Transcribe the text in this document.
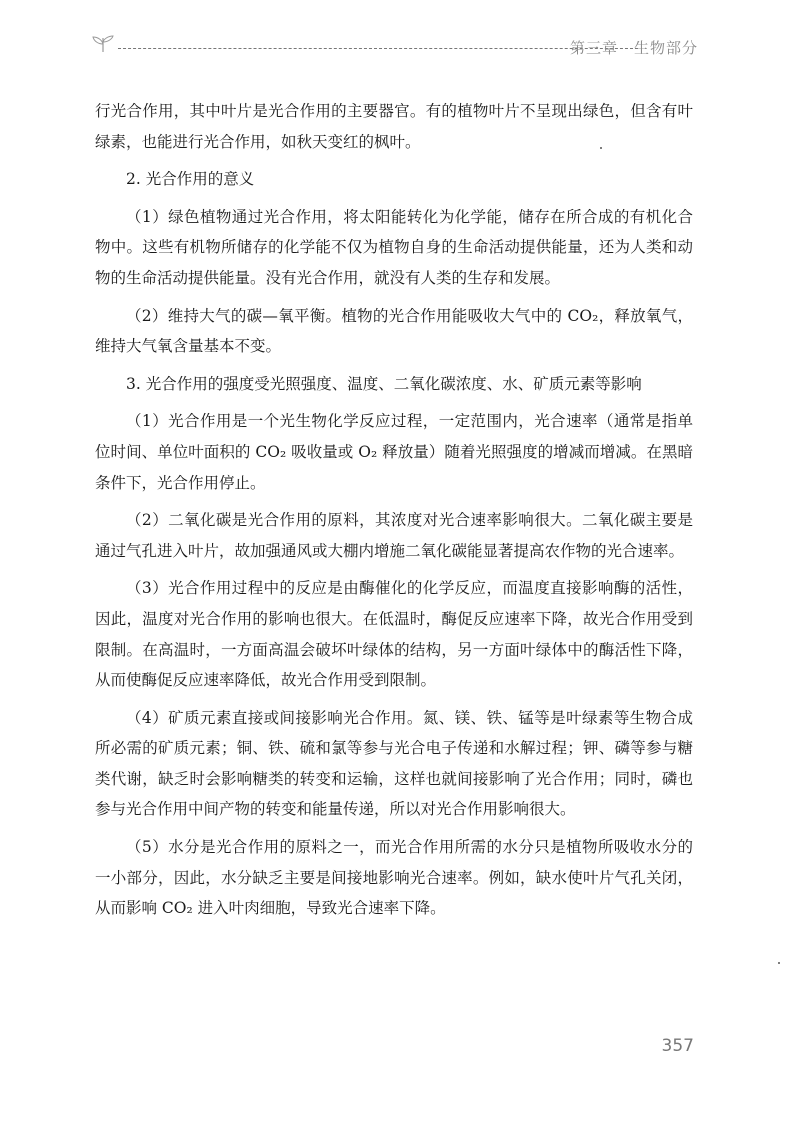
第三章 生物部分

行光合作用，其中叶片是光合作用的主要器官。有的植物叶片不呈现出绿色，但含有叶绿素，也能进行光合作用，如秋天变红的枫叶。

2. 光合作用的意义

（1）绿色植物通过光合作用，将太阳能转化为化学能，储存在所合成的有机化合物中。这些有机物所储存的化学能不仅为植物自身的生命活动提供能量，还为人类和动物的生命活动提供能量。没有光合作用，就没有人类的生存和发展。

（2）维持大气的碳—氧平衡。植物的光合作用能吸收大气中的 CO₂，释放氧气，维持大气氧含量基本不变。

3. 光合作用的强度受光照强度、温度、二氧化碳浓度、水、矿质元素等影响

（1）光合作用是一个光生物化学反应过程，一定范围内，光合速率（通常是指单位时间、单位叶面积的 CO₂ 吸收量或 O₂ 释放量）随着光照强度的增减而增减。在黑暗条件下，光合作用停止。

（2）二氧化碳是光合作用的原料，其浓度对光合速率影响很大。二氧化碳主要是通过气孔进入叶片，故加强通风或大棚内增施二氧化碳能显著提高农作物的光合速率。

（3）光合作用过程中的反应是由酶催化的化学反应，而温度直接影响酶的活性，因此，温度对光合作用的影响也很大。在低温时，酶促反应速率下降，故光合作用受到限制。在高温时，一方面高温会破坏叶绿体的结构，另一方面叶绿体中的酶活性下降，从而使酶促反应速率降低，故光合作用受到限制。

（4）矿质元素直接或间接影响光合作用。氮、镁、铁、锰等是叶绿素等生物合成所必需的矿质元素；铜、铁、硫和氯等参与光合电子传递和水解过程；钾、磷等参与糖类代谢，缺乏时会影响糖类的转变和运输，这样也就间接影响了光合作用；同时，磷也参与光合作用中间产物的转变和能量传递，所以对光合作用影响很大。

（5）水分是光合作用的原料之一，而光合作用所需的水分只是植物所吸收水分的一小部分，因此，水分缺乏主要是间接地影响光合速率。例如，缺水使叶片气孔关闭，从而影响 CO₂ 进入叶肉细胞，导致光合速率下降。

357
